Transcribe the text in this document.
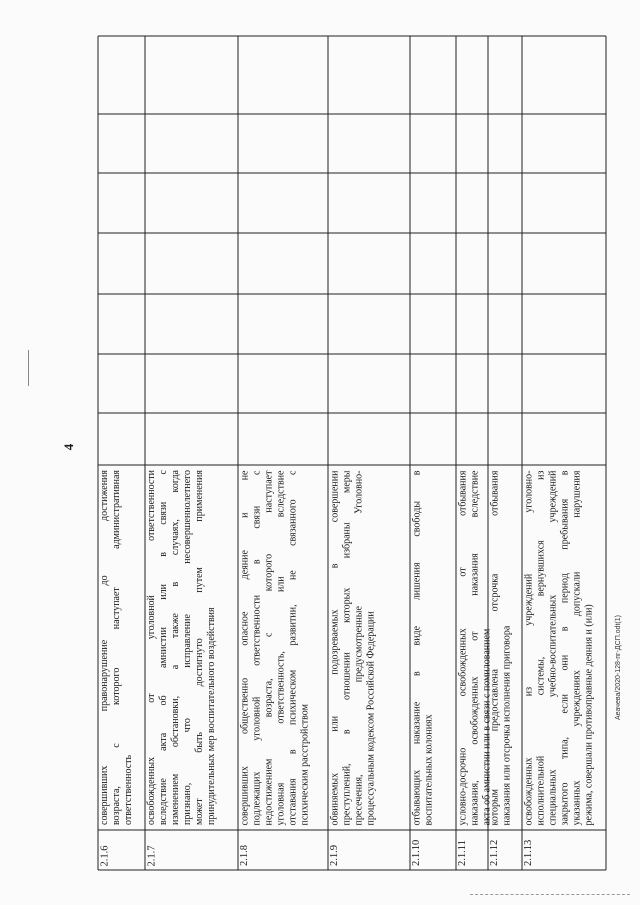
2.1.6
совершивших правонарушение до достижения возраста, с которого наступает административная ответственность
2.1.7
освобожденных от уголовной ответственности вследствие акта об амнистии или в связи с изменением обстановки, а также в случаях, когда признано, что исправление несовершеннолетнего может быть достигнуто путем применения принудительных мер воспитательного воздействия
2.1.8
совершивших общественно опасное деяние и не подлежащих уголовной ответственности в связи с недостижением возраста, с которого наступает уголовная ответственность, или вследствие отставания в психическом развитии, не связанного с психическим расстройством
2.1.9
обвиняемых или подозреваемых в совершении преступлений, в отношении которых избраны меры пресечения, предусмотренные Уголовно- процессуальным кодексом Российской Федерации
2.1.10
отбывающих наказание в виде лишения свободы в воспитательных колониях
2.1.11
условно-досрочно освобожденных от отбывания наказания, освобожденных от наказания вследствие акта об амнистии или в связи с помилованием
2.1.12
которым предоставлена отсрочка отбывания наказания или отсрочка исполнения приговора
2.1.13
освобожденных из учреждений уголовно- исполнительной системы, вернувшихся из специальных учебно-воспитательных учреждений закрытого типа, если они в период пребывания в указанных учреждениях допускали нарушения режима, совершали противоправные деяния и (или)
4
Аеачева/2020-128-пг-ДСП.odt(1)
